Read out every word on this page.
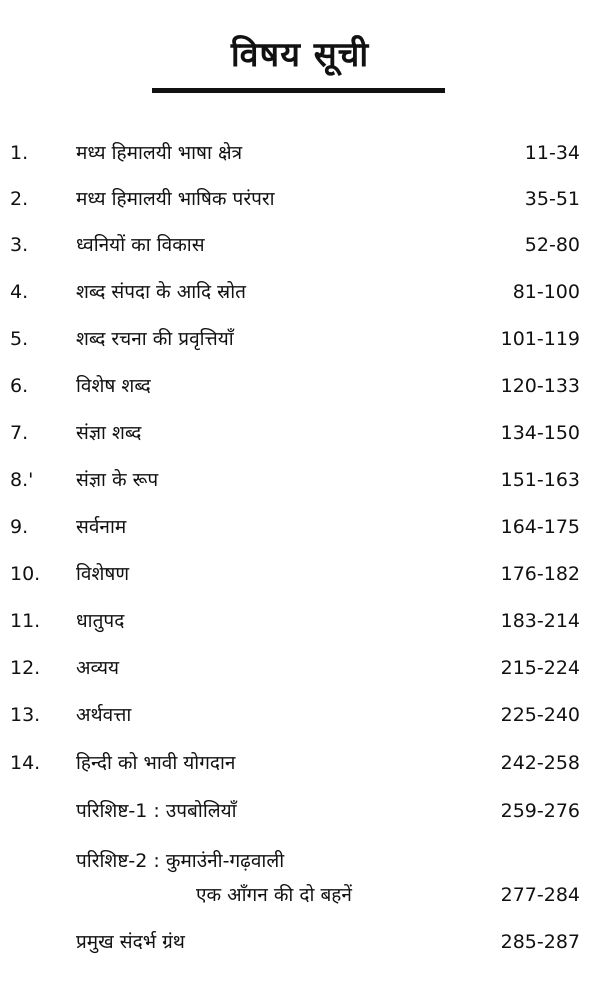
विषय सूची
1.	मध्य हिमालयी भाषा क्षेत्र	11-34
2.	मध्य हिमालयी भाषिक परंपरा	35-51
3.	ध्वनियों का विकास	52-80
4.	शब्द संपदा के आदि स्रोत	81-100
5.	शब्द रचना की प्रवृत्तियाँ	101-119
6.	विशेष शब्द	120-133
7.	संज्ञा शब्द	134-150
8.' संज्ञा के रूप	151-163
9.	सर्वनाम	164-175
10. विशेषण	176-182
11. धातुपद	183-214
12. अव्यय	215-224
13. अर्थवत्ता	225-240
14. हिन्दी को भावी योगदान	242-258
परिशिष्ट-1 : उपबोलियाँ	259-276
परिशिष्ट-2 : कुमाउंनी-गढ़वाली
एक आँगन की दो बहनें	277-284
प्रमुख संदर्भ ग्रंथ	285-287
